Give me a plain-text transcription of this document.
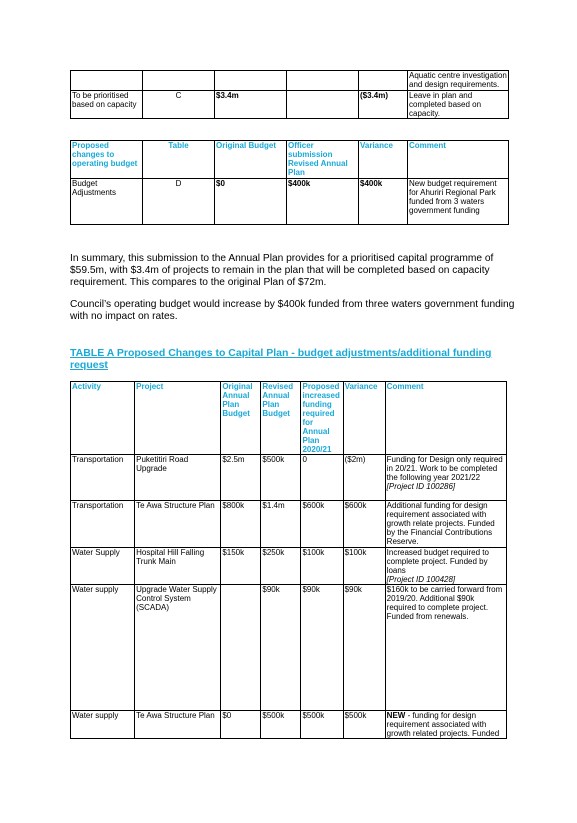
					Aquatic centre investigation and design requirements.
To be prioritised based on capacity	C	$3.4m		($3.4m)	Leave in plan and completed based on capacity.
Proposed changes to operating budget	Table	Original Budget	Officer submission Revised Annual Plan	Variance	Comment
Budget Adjustments	D	$0	$400k	$400k	New budget requirement for Ahuriri Regional Park funded from 3 waters government funding

In summary, this submission to the Annual Plan provides for a prioritised capital programme of $59.5m, with $3.4m of projects to remain in the plan that will be completed based on capacity requirement. This compares to the original Plan of $72m.

Council’s operating budget would increase by $400k funded from three waters government funding with no impact on rates.

TABLE A Proposed Changes to Capital Plan - budget adjustments/additional funding request
Activity	Project	Original Annual Plan Budget	Revised Annual Plan Budget	Proposed increased funding required for Annual Plan 2020/21	Variance	Comment
Transportation	Puketitiri Road Upgrade	$2.5m	$500k	0	($2m)	Funding for Design only required in 20/21. Work to be completed the following year 2021/22
[Project ID 100286]
Transportation	Te Awa Structure Plan	$800k	$1.4m	$600k	$600k	Additional funding for design requirement associated with growth relate projects. Funded by the Financial Contributions Reserve.
Water Supply	Hospital Hill Falling Trunk Main	$150k	$250k	$100k	$100k	Increased budget required to complete project. Funded by loans
[Project ID 100428]
Water supply	Upgrade Water Supply Control System (SCADA)		$90k	$90k	$90k	$160k to be carried forward from 2019/20. Additional $90k required to complete project. Funded from renewals.
Water supply	Te Awa Structure Plan	$0	$500k	$500k	$500k	NEW - funding for design requirement associated with growth related projects. Funded
